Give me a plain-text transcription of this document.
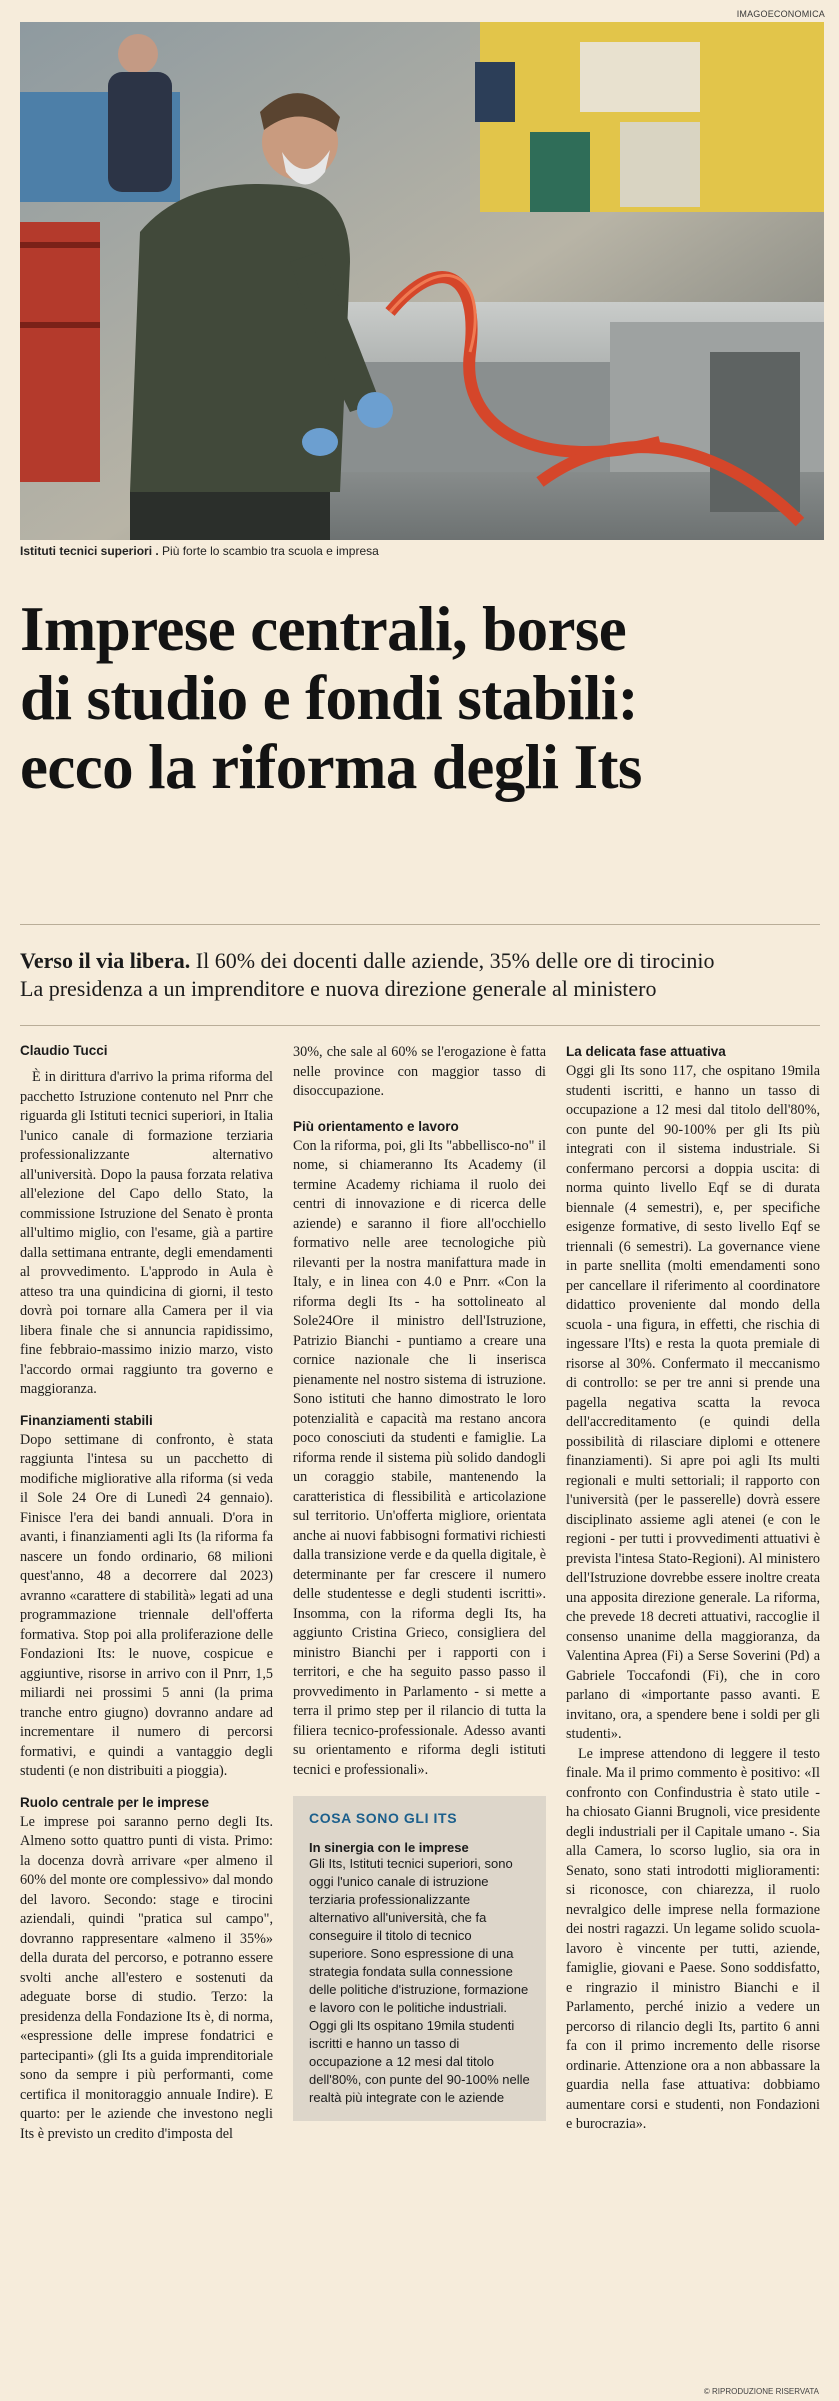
IMAGOECONOMICA
Istituti tecnici superiori . Più forte lo scambio tra scuola e impresa
Imprese centrali, borse
di studio e fondi stabili:
ecco la riforma degli Its
Verso il via libera. Il 60% dei docenti dalle aziende, 35% delle ore di tirocinio
La presidenza a un imprenditore e nuova direzione generale al ministero
Claudio Tucci

È in dirittura d'arrivo la prima riforma del pacchetto Istruzione contenuto nel Pnrr che riguarda gli Istituti tecnici superiori, in Italia l'unico canale di formazione terziaria professionalizzante alternativo all'università. Dopo la pausa forzata relativa all'elezione del Capo dello Stato, la commissione Istruzione del Senato è pronta all'ultimo miglio, con l'esame, già a partire dalla settimana entrante, degli emendamenti al provvedimento. L'approdo in Aula è atteso tra una quindicina di giorni, il testo dovrà poi tornare alla Camera per il via libera finale che si annuncia rapidissimo, fine febbraio-massimo inizio marzo, visto l'accordo ormai raggiunto tra governo e maggioranza.

Finanziamenti stabili

Dopo settimane di confronto, è stata raggiunta l'intesa su un pacchetto di modifiche migliorative alla riforma (si veda il Sole 24 Ore di Lunedì 24 gennaio). Finisce l'era dei bandi annuali. D'ora in avanti, i finanziamenti agli Its (la riforma fa nascere un fondo ordinario, 68 milioni quest'anno, 48 a decorrere dal 2023) avranno «carattere di stabilità» legati ad una programmazione triennale dell'offerta formativa. Stop poi alla proliferazione delle Fondazioni Its: le nuove, cospicue e aggiuntive, risorse in arrivo con il Pnrr, 1,5 miliardi nei prossimi 5 anni (la prima tranche entro giugno) dovranno andare ad incrementare il numero di percorsi formativi, e quindi a vantaggio degli studenti (e non distribuiti a pioggia).

Ruolo centrale per le imprese

Le imprese poi saranno perno degli Its. Almeno sotto quattro punti di vista. Primo: la docenza dovrà arrivare «per almeno il 60% del monte ore complessivo» dal mondo del lavoro. Secondo: stage e tirocini aziendali, quindi "pratica sul campo", dovranno rappresentare «almeno il 35%» della durata del percorso, e potranno essere svolti anche all'estero e sostenuti da adeguate borse di studio. Terzo: la presidenza della Fondazione Its è, di norma, «espressione delle imprese fondatrici e partecipanti» (gli Its a guida imprenditoriale sono da sempre i più performanti, come certifica il monitoraggio annuale Indire). E quarto: per le aziende che investono negli Its è previsto un credito d'imposta del

30%, che sale al 60% se l'erogazione è fatta nelle province con maggior tasso di disoccupazione.

Più orientamento e lavoro

Con la riforma, poi, gli Its "abbellisco-no" il nome, si chiameranno Its Academy (il termine Academy richiama il ruolo dei centri di innovazione e di ricerca delle aziende) e saranno il fiore all'occhiello formativo nelle aree tecnologiche più rilevanti per la nostra manifattura made in Italy, e in linea con 4.0 e Pnrr. «Con la riforma degli Its - ha sottolineato al Sole24Ore il ministro dell'Istruzione, Patrizio Bianchi - puntiamo a creare una cornice nazionale che li inserisca pienamente nel nostro sistema di istruzione. Sono istituti che hanno dimostrato le loro potenzialità e capacità ma restano ancora poco conosciuti da studenti e famiglie. La riforma rende il sistema più solido dandogli un coraggio stabile, mantenendo la caratteristica di flessibilità e articolazione sul territorio. Un'offerta migliore, orientata anche ai nuovi fabbisogni formativi richiesti dalla transizione verde e da quella digitale, è determinante per far crescere il numero delle studentesse e degli studenti iscritti». Insomma, con la riforma degli Its, ha aggiunto Cristina Grieco, consigliera del ministro Bianchi per i rapporti con i territori, e che ha seguito passo passo il provvedimento in Parlamento - si mette a terra il primo step per il rilancio di tutta la filiera tecnico-professionale. Adesso avanti su orientamento e riforma degli istituti tecnici e professionali».

COSA SONO GLI ITS
In sinergia con le imprese

Gli Its, Istituti tecnici superiori, sono oggi l'unico canale di istruzione terziaria professionalizzante alternativo all'università, che fa conseguire il titolo di tecnico superiore. Sono espressione di una strategia fondata sulla connessione delle politiche d'istruzione, formazione e lavoro con le politiche industriali. Oggi gli Its ospitano 19mila studenti iscritti e hanno un tasso di occupazione a 12 mesi dal titolo dell'80%, con punte del 90-100% nelle realtà più integrate con le aziende

La delicata fase attuativa

Oggi gli Its sono 117, che ospitano 19mila studenti iscritti, e hanno un tasso di occupazione a 12 mesi dal titolo dell'80%, con punte del 90-100% per gli Its più integrati con il sistema industriale. Si confermano percorsi a doppia uscita: di norma quinto livello Eqf se di durata biennale (4 semestri), e, per specifiche esigenze formative, di sesto livello Eqf se triennali (6 semestri). La governance viene in parte snellita (molti emendamenti sono per cancellare il riferimento al coordinatore didattico proveniente dal mondo della scuola - una figura, in effetti, che rischia di ingessare l'Its) e resta la quota premiale di risorse al 30%. Confermato il meccanismo di controllo: se per tre anni si prende una pagella negativa scatta la revoca dell'accreditamento (e quindi della possibilità di rilasciare diplomi e ottenere finanziamenti). Si apre poi agli Its multi regionali e multi settoriali; il rapporto con l'università (per le passerelle) dovrà essere disciplinato assieme agli atenei (e con le regioni - per tutti i provvedimenti attuativi è prevista l'intesa Stato-Regioni). Al ministero dell'Istruzione dovrebbe essere inoltre creata una apposita direzione generale. La riforma, che prevede 18 decreti attuativi, raccoglie il consenso unanime della maggioranza, da Valentina Aprea (Fi) a Serse Soverini (Pd) a Gabriele Toccafondi (Fi), che in coro parlano di «importante passo avanti. E invitano, ora, a spendere bene i soldi per gli studenti».

Le imprese attendono di leggere il testo finale. Ma il primo commento è positivo: «Il confronto con Confindustria è stato utile - ha chiosato Gianni Brugnoli, vice presidente degli industriali per il Capitale umano -. Sia alla Camera, lo scorso luglio, sia ora in Senato, sono stati introdotti miglioramenti: si riconosce, con chiarezza, il ruolo nevralgico delle imprese nella formazione dei nostri ragazzi. Un legame solido scuola-lavoro è vincente per tutti, aziende, famiglie, giovani e Paese. Sono soddisfatto, e ringrazio il ministro Bianchi e il Parlamento, perché inizio a vedere un percorso di rilancio degli Its, partito 6 anni fa con il primo incremento delle risorse ordinarie. Attenzione ora a non abbassare la guardia nella fase attuativa: dobbiamo aumentare corsi e studenti, non Fondazioni e burocrazia».

© RIPRODUZIONE RISERVATA
